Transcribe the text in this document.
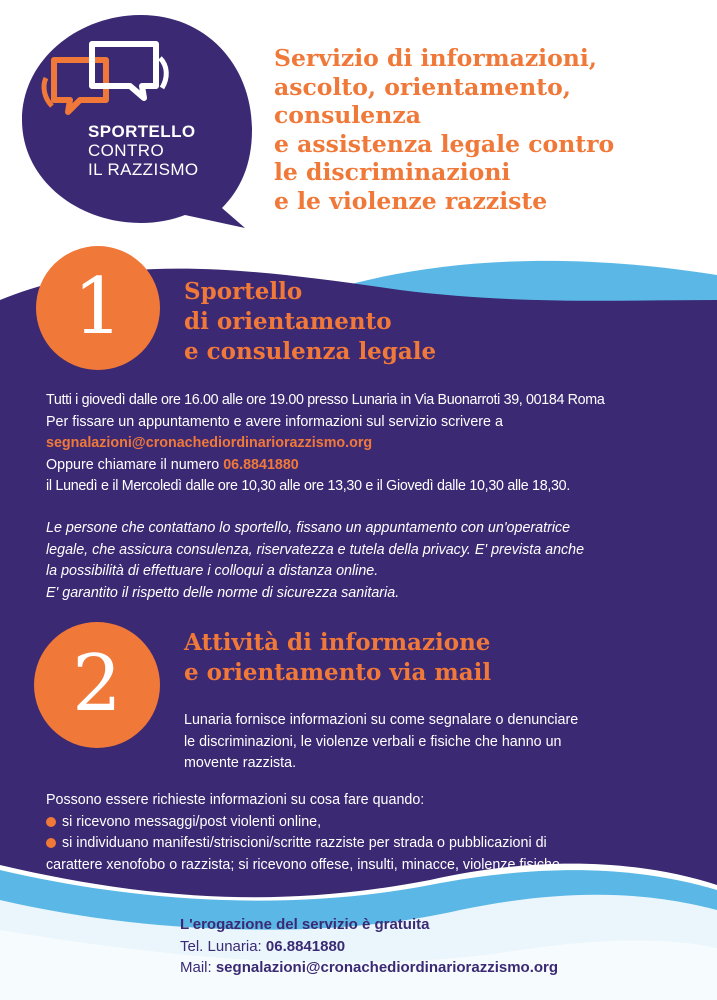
SPORTELLO
CONTRO
IL RAZZISMO
Servizio di informazioni,
ascolto, orientamento,
consulenza
e assistenza legale contro
le discriminazioni
e le violenze razziste
1	Sportello
di orientamento
e consulenza legale
Tutti i giovedì dalle ore 16.00 alle ore 19.00 presso Lunaria in Via Buonarroti 39, 00184 Roma
Per fissare un appuntamento e avere informazioni sul servizio scrivere a
segnalazioni@cronachediordinariorazzismo.org
Oppure chiamare il numero 06.8841880
il Lunedì e il Mercoledì dalle ore 10,30 alle ore 13,30 e il Giovedì dalle 10,30 alle 18,30.
Le persone che contattano lo sportello, fissano un appuntamento con un'operatrice
legale, che assicura consulenza, riservatezza e tutela della privacy. E' prevista anche
la possibilità di effettuare i colloqui a distanza online.
E' garantito il rispetto delle norme di sicurezza sanitaria.
2	Attività di informazione
e orientamento via mail
Lunaria fornisce informazioni su come segnalare o denunciare
le discriminazioni, le violenze verbali e fisiche che hanno un
movente razzista.
Possono essere richieste informazioni su cosa fare quando:
si ricevono messaggi/post violenti online,
si individuano manifesti/striscioni/scritte razziste per strada o pubblicazioni di
carattere xenofobo o razzista; si ricevono offese, insulti, minacce, violenze fisiche.
L'erogazione del servizio è gratuita
Tel. Lunaria: 06.8841880
Mail: segnalazioni@cronachediordinariorazzismo.org
